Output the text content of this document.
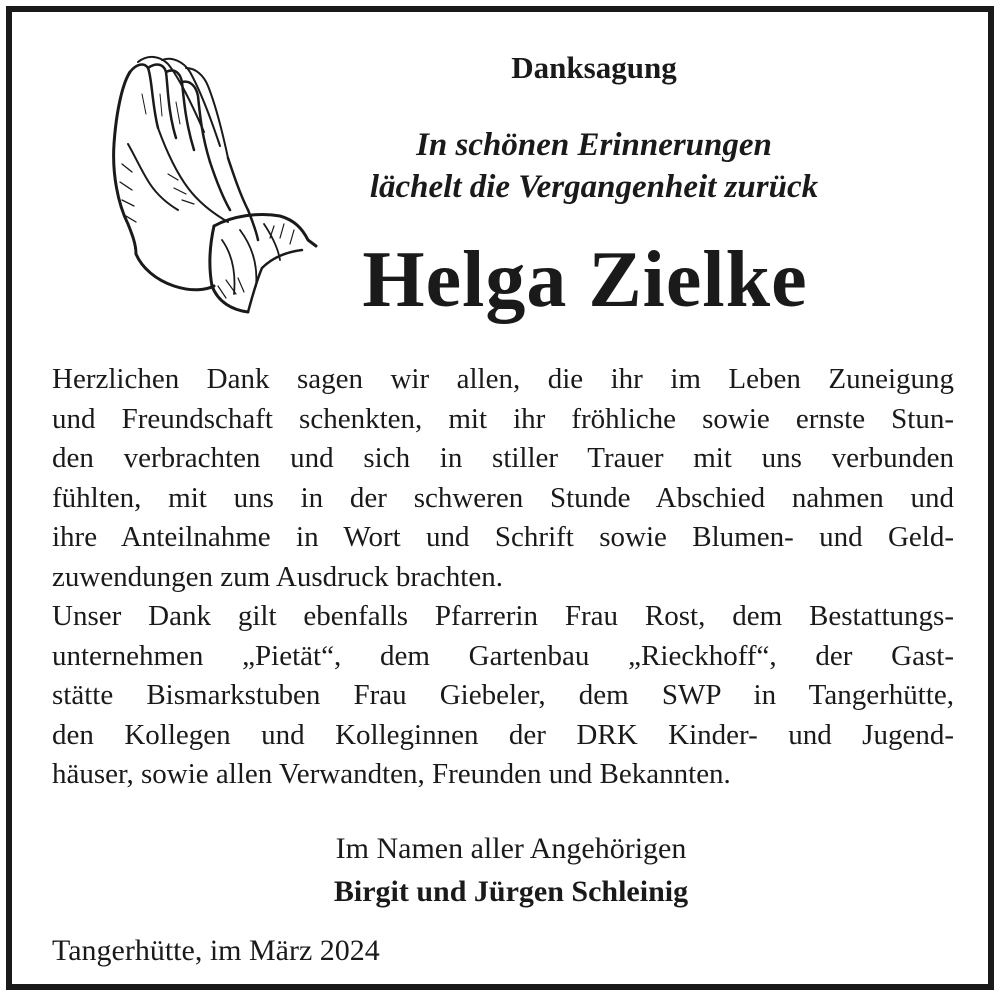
Danksagung
In schönen Erinnerungen
lächelt die Vergangenheit zurück
Helga Zielke
Herzlichen Dank sagen wir allen, die ihr im Leben Zuneigung
und Freundschaft schenkten, mit ihr fröhliche sowie ernste Stun-
den verbrachten und sich in stiller Trauer mit uns verbunden
fühlten, mit uns in der schweren Stunde Abschied nahmen und
ihre Anteilnahme in Wort und Schrift sowie Blumen- und Geld-
zuwendungen zum Ausdruck brachten.
Unser Dank gilt ebenfalls Pfarrerin Frau Rost, dem Bestattungs-
unternehmen „Pietät“, dem Gartenbau „Rieckhoff“, der Gast-
stätte Bismarkstuben Frau Giebeler, dem SWP in Tangerhütte,
den Kollegen und Kolleginnen der DRK Kinder- und Jugend-
häuser, sowie allen Verwandten, Freunden und Bekannten.
Im Namen aller Angehörigen
Birgit und Jürgen Schleinig
Tangerhütte, im März 2024
